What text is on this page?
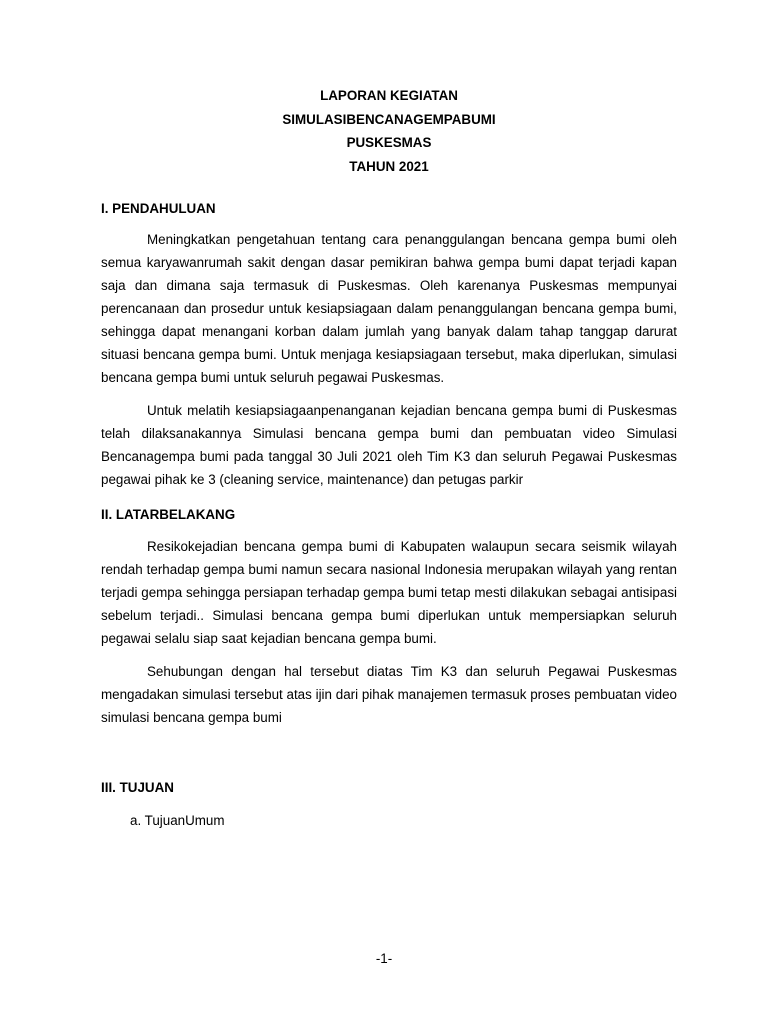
LAPORAN KEGIATAN
SIMULASIBENCANAGEMPABUMI
PUSKESMAS
TAHUN 2021
I. PENDAHULUAN

Meningkatkan pengetahuan tentang cara penanggulangan bencana gempa bumi oleh semua karyawanrumah sakit dengan dasar pemikiran bahwa gempa bumi dapat terjadi kapan saja dan dimana saja termasuk di Puskesmas. Oleh karenanya Puskesmas mempunyai perencanaan dan prosedur untuk kesiapsiagaan dalam penanggulangan bencana gempa bumi, sehingga dapat menangani korban dalam jumlah yang banyak dalam tahap tanggap darurat situasi bencana gempa bumi. Untuk menjaga kesiapsiagaan tersebut, maka diperlukan, simulasi bencana gempa bumi untuk seluruh pegawai Puskesmas.

Untuk melatih kesiapsiagaanpenanganan kejadian bencana gempa bumi di Puskesmas telah dilaksanakannya Simulasi bencana gempa bumi dan pembuatan video Simulasi Bencanagempa bumi pada tanggal 30 Juli 2021 oleh Tim K3 dan seluruh Pegawai Puskesmas pegawai pihak ke 3 (cleaning service, maintenance) dan petugas parkir

II. LATARBELAKANG

Resikokejadian bencana gempa bumi di Kabupaten walaupun secara seismik wilayah rendah terhadap gempa bumi namun secara nasional Indonesia merupakan wilayah yang rentan terjadi gempa sehingga persiapan terhadap gempa bumi tetap mesti dilakukan sebagai antisipasi sebelum terjadi.. Simulasi bencana gempa bumi diperlukan untuk mempersiapkan seluruh pegawai selalu siap saat kejadian bencana gempa bumi.

Sehubungan dengan hal tersebut diatas Tim K3 dan seluruh Pegawai Puskesmas mengadakan simulasi tersebut atas ijin dari pihak manajemen termasuk proses pembuatan video simulasi bencana gempa bumi

III. TUJUAN
a. TujuanUmum
-1-
